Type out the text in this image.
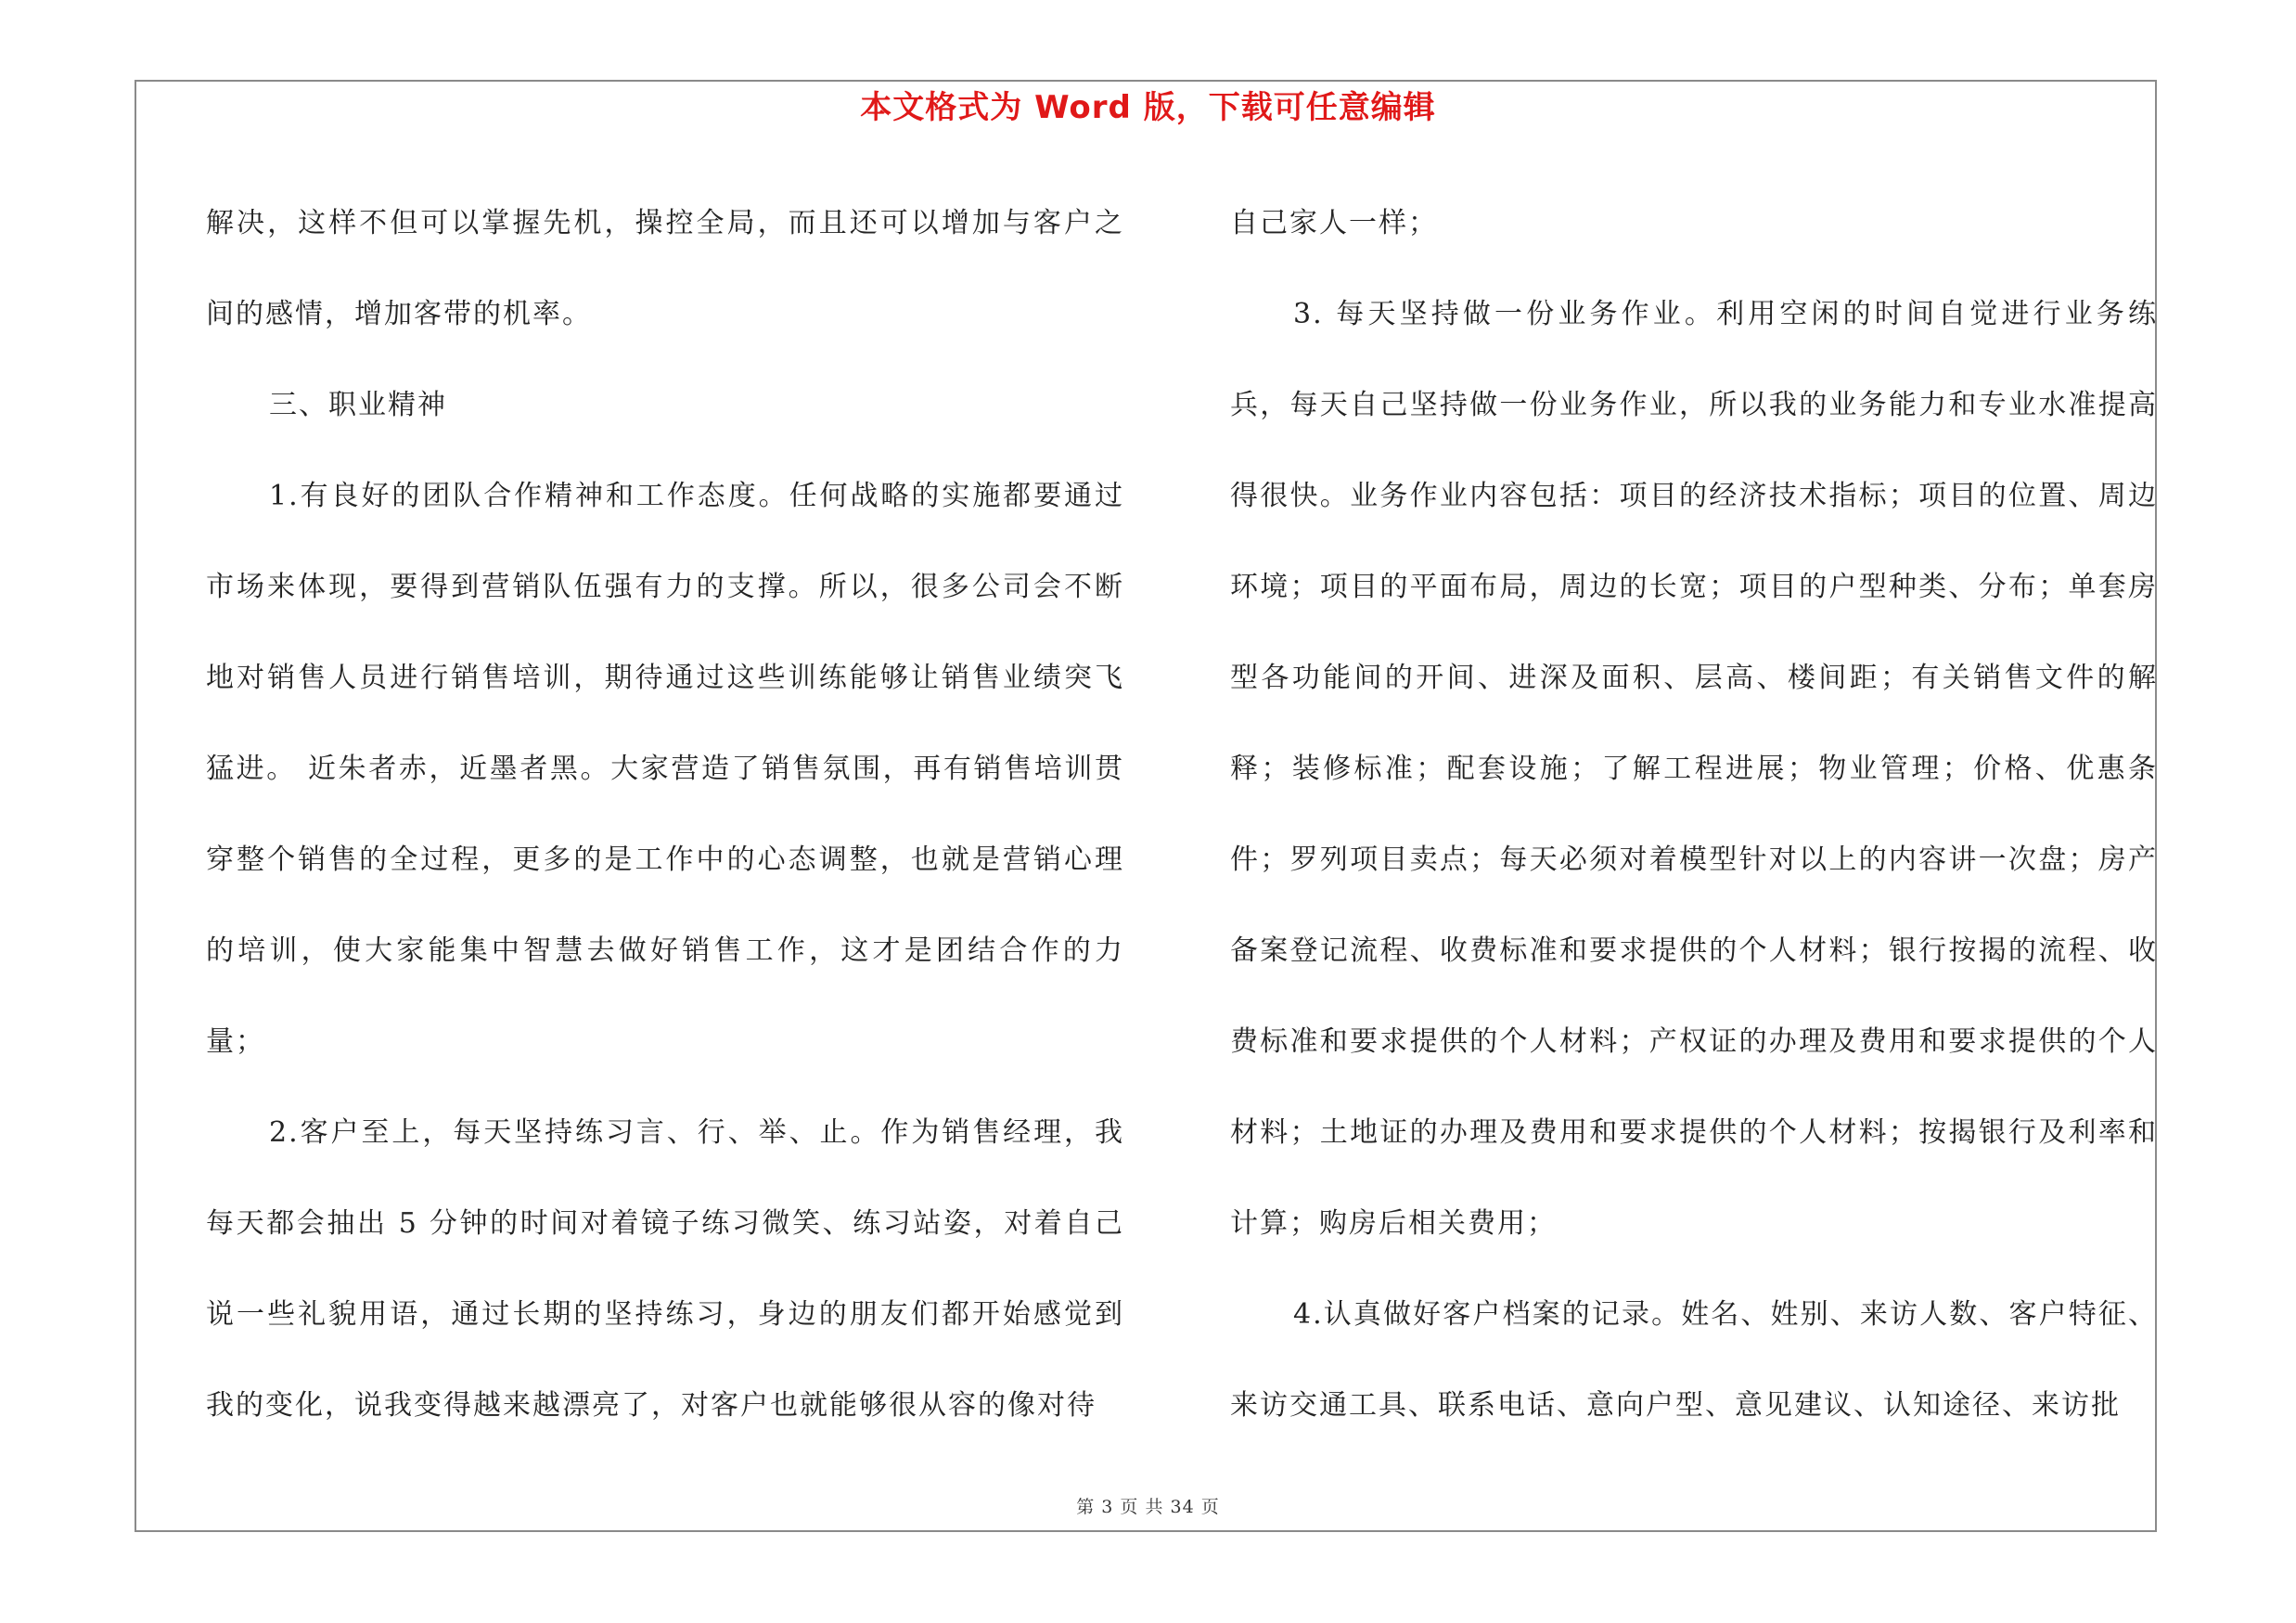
本文格式为 Word 版，下载可任意编辑

解决，这样不但可以掌握先机，操控全局，而且还可以增加与客户之间的感情，增加客带的机率。

三、职业精神

1.有良好的团队合作精神和工作态度。任何战略的实施都要通过市场来体现，要得到营销队伍强有力的支撑。所以，很多公司会不断地对销售人员进行销售培训，期待通过这些训练能够让销售业绩突飞猛进。 近朱者赤，近墨者黑。大家营造了销售氛围，再有销售培训贯穿整个销售的全过程，更多的是工作中的心态调整，也就是营销心理的培训，使大家能集中智慧去做好销售工作，这才是团结合作的力量；

2.客户至上，每天坚持练习言、行、举、止。作为销售经理，我每天都会抽出 5 分钟的时间对着镜子练习微笑、练习站姿，对着自己说一些礼貌用语，通过长期的坚持练习，身边的朋友们都开始感觉到我的变化，说我变得越来越漂亮了，对客户也就能够很从容的像对待

自己家人一样；

3. 每天坚持做一份业务作业。利用空闲的时间自觉进行业务练兵，每天自己坚持做一份业务作业，所以我的业务能力和专业水准提高得很快。业务作业内容包括：项目的经济技术指标；项目的位置、周边环境；项目的平面布局，周边的长宽；项目的户型种类、分布；单套房型各功能间的开间、进深及面积、层高、楼间距；有关销售文件的解释；装修标准；配套设施；了解工程进展；物业管理；价格、优惠条件；罗列项目卖点；每天必须对着模型针对以上的内容讲一次盘；房产备案登记流程、收费标准和要求提供的个人材料；银行按揭的流程、收费标准和要求提供的个人材料；产权证的办理及费用和要求提供的个人材料；土地证的办理及费用和要求提供的个人材料；按揭银行及利率和计算；购房后相关费用；

4.认真做好客户档案的记录。姓名、姓别、来访人数、客户特征、来访交通工具、联系电话、意向户型、意见建议、认知途径、来访批

第 3 页 共 34 页
